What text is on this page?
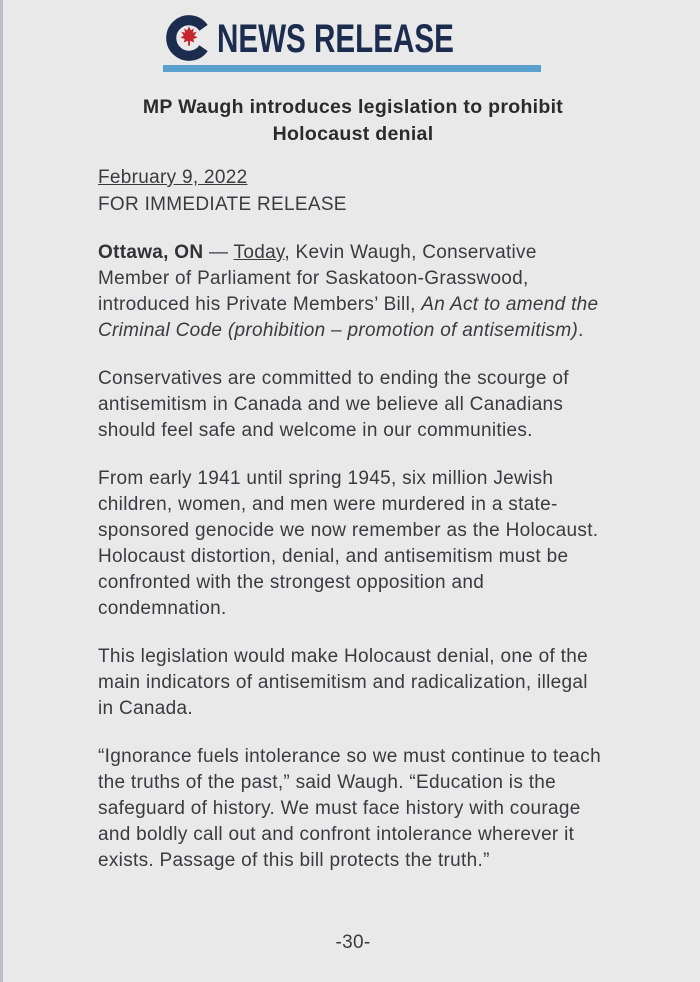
NEWS RELEASE
MP Waugh introduces legislation to prohibit
Holocaust denial

February 9, 2022

FOR IMMEDIATE RELEASE

Ottawa, ON — Today, Kevin Waugh, Conservative Member of Parliament for Saskatoon-Grasswood, introduced his Private Members’ Bill, An Act to amend the Criminal Code (prohibition – promotion of antisemitism).

Conservatives are committed to ending the scourge of antisemitism in Canada and we believe all Canadians should feel safe and welcome in our communities.

From early 1941 until spring 1945, six million Jewish children, women, and men were murdered in a state-sponsored genocide we now remember as the Holocaust. Holocaust distortion, denial, and antisemitism must be confronted with the strongest opposition and condemnation.

This legislation would make Holocaust denial, one of the main indicators of antisemitism and radicalization, illegal in Canada.

“Ignorance fuels intolerance so we must continue to teach the truths of the past,” said Waugh. “Education is the safeguard of history. We must face history with courage and boldly call out and confront intolerance wherever it exists. Passage of this bill protects the truth.”

-30-
